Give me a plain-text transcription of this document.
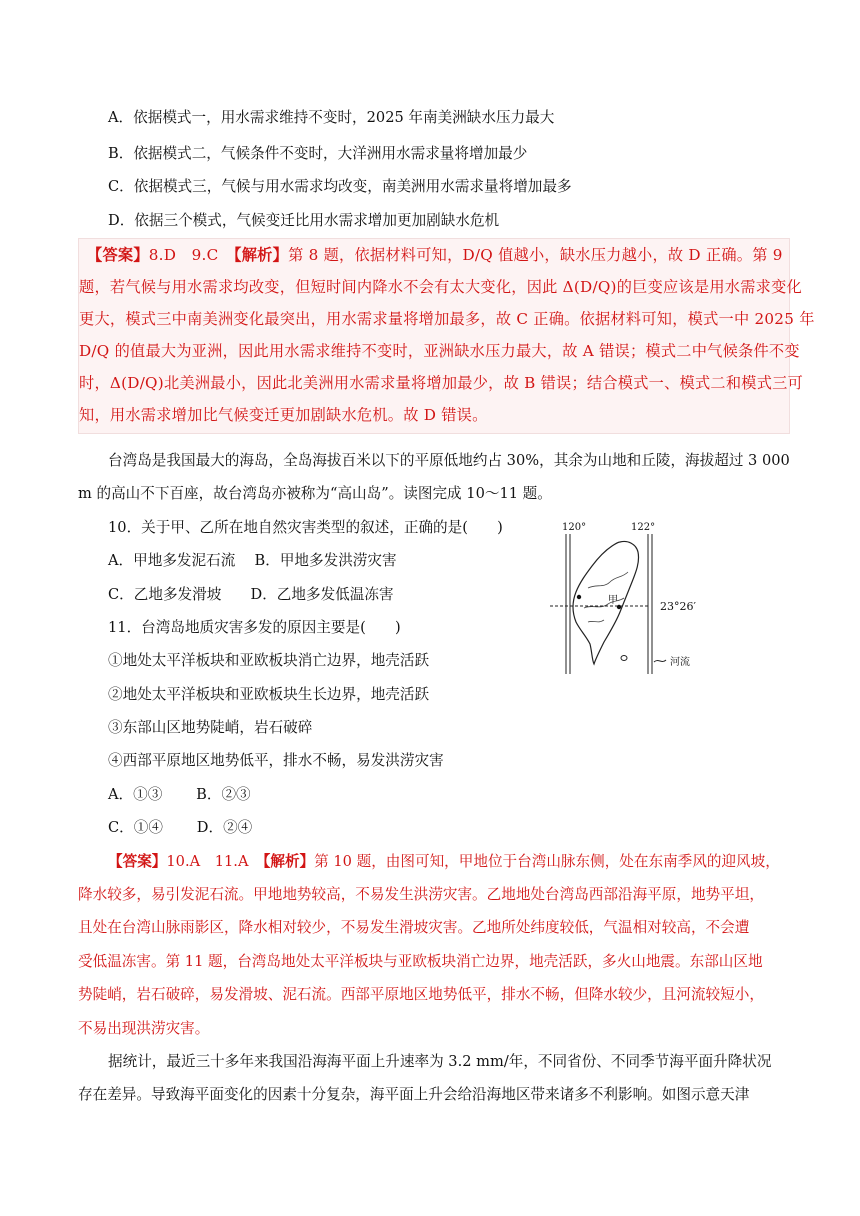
A．依据模式一，用水需求维持不变时，2025 年南美洲缺水压力最大
B．依据模式二，气候条件不变时，大洋洲用水需求量将增加最少
C．依据模式三，气候与用水需求均改变，南美洲用水需求量将增加最多
D．依据三个模式，气候变迁比用水需求增加更加剧缺水危机
【答案】8.D　9.C　【解析】第 8 题，依据材料可知，D/Q 值越小，缺水压力越小，故 D 正确。第 9
题，若气候与用水需求均改变，但短时间内降水不会有太大变化，因此 Δ(D/Q)的巨变应该是用水需求变化
更大，模式三中南美洲变化最突出，用水需求量将增加最多，故 C 正确。依据材料可知，模式一中 2025 年
D/Q 的值最大为亚洲，因此用水需求维持不变时，亚洲缺水压力最大，故 A 错误；模式二中气候条件不变
时，Δ(D/Q)北美洲最小，因此北美洲用水需求量将增加最少，故 B 错误；结合模式一、模式二和模式三可
知，用水需求增加比气候变迁更加剧缺水危机。故 D 错误。
台湾岛是我国最大的海岛，全岛海拔百米以下的平原低地约占 30%，其余为山地和丘陵，海拔超过 3 000
m 的高山不下百座，故台湾岛亦被称为“高山岛”。读图完成 10～11 题。
10．关于甲、乙所在地自然灾害类型的叙述，正确的是(　　)
A．甲地多发泥石流　 B．甲地多发洪涝灾害
C．乙地多发滑坡　　D．乙地多发低温冻害
11．台湾岛地质灾害多发的原因主要是(　　)
①地处太平洋板块和亚欧板块消亡边界，地壳活跃
②地处太平洋板块和亚欧板块生长边界，地壳活跃
③东部山区地势陡峭，岩石破碎
④西部平原地区地势低平，排水不畅，易发洪涝灾害
A．①③　　 B．②③
C．①④　　 D．②④
120°	122°
23°26′
甲
河流
【答案】10.A　11.A　【解析】第 10 题，由图可知，甲地位于台湾山脉东侧，处在东南季风的迎风坡，
降水较多，易引发泥石流。甲地地势较高，不易发生洪涝灾害。乙地地处台湾岛西部沿海平原，地势平坦，
且处在台湾山脉雨影区，降水相对较少，不易发生滑坡灾害。乙地所处纬度较低，气温相对较高，不会遭
受低温冻害。第 11 题，台湾岛地处太平洋板块与亚欧板块消亡边界，地壳活跃，多火山地震。东部山区地
势陡峭，岩石破碎，易发滑坡、泥石流。西部平原地区地势低平，排水不畅，但降水较少，且河流较短小，
不易出现洪涝灾害。
据统计，最近三十多年来我国沿海海平面上升速率为 3.2 mm/年，不同省份、不同季节海平面升降状况
存在差异。导致海平面变化的因素十分复杂，海平面上升会给沿海地区带来诸多不利影响。如图示意天津
